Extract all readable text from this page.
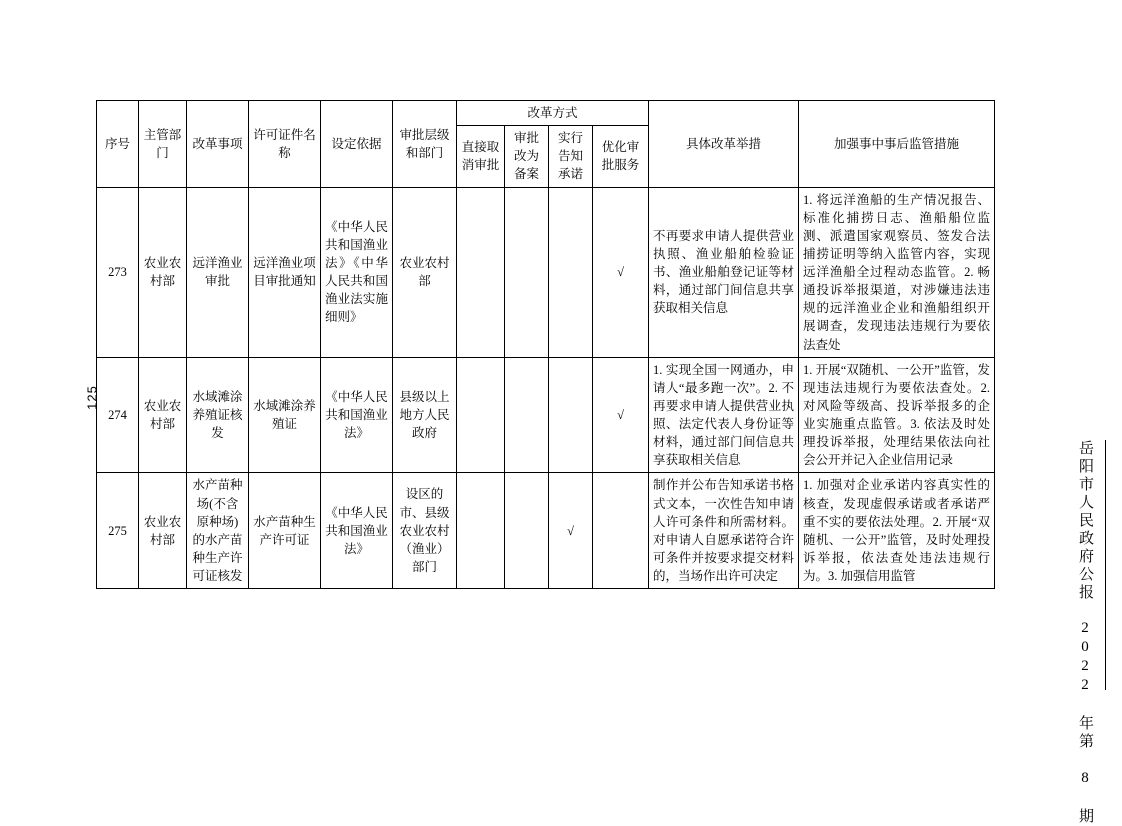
125
岳阳市人民政府公报　2022 年第 8 期
序号	主管部门	改革事项	许可证件名称	设定依据	审批层级和部门	改革方式				具体改革举措	加强事中事后监管措施
						直接取消审批	审批改为备案	实行告知承诺	优化审批服务		
273	农业农村部	远洋渔业审批	远洋渔业项目审批通知	《中华人民共和国渔业法》《中华人民共和国渔业法实施细则》	农业农村部				√	不再要求申请人提供营业执照、渔业船舶检验证书、渔业船舶登记证等材料，通过部门间信息共享获取相关信息	1. 将远洋渔船的生产情况报告、标准化捕捞日志、渔船船位监测、派遣国家观察员、签发合法捕捞证明等纳入监管内容，实现远洋渔船全过程动态监管。2. 畅通投诉举报渠道，对涉嫌违法违规的远洋渔业企业和渔船组织开展调查，发现违法违规行为要依法查处
274	农业农村部	水域滩涂养殖证核发	水域滩涂养殖证	《中华人民共和国渔业法》	县级以上地方人民政府				√	1. 实现全国一网通办，申请人“最多跑一次”。2. 不再要求申请人提供营业执照、法定代表人身份证等材料，通过部门间信息共享获取相关信息	1. 开展“双随机、一公开”监管，发现违法违规行为要依法查处。2. 对风险等级高、投诉举报多的企业实施重点监管。3. 依法及时处理投诉举报，处理结果依法向社会公开并记入企业信用记录
275	农业农村部	水产苗种场(不含原种场)的水产苗种生产许可证核发	水产苗种生产许可证	《中华人民共和国渔业法》	设区的市、县级农业农村（渔业）部门			√		制作并公布告知承诺书格式文本，一次性告知申请人许可条件和所需材料。对申请人自愿承诺符合许可条件并按要求提交材料的，当场作出许可决定	1. 加强对企业承诺内容真实性的核查，发现虚假承诺或者承诺严重不实的要依法处理。2. 开展“双随机、一公开”监管，及时处理投诉举报，依法查处违法违规行为。3. 加强信用监管
